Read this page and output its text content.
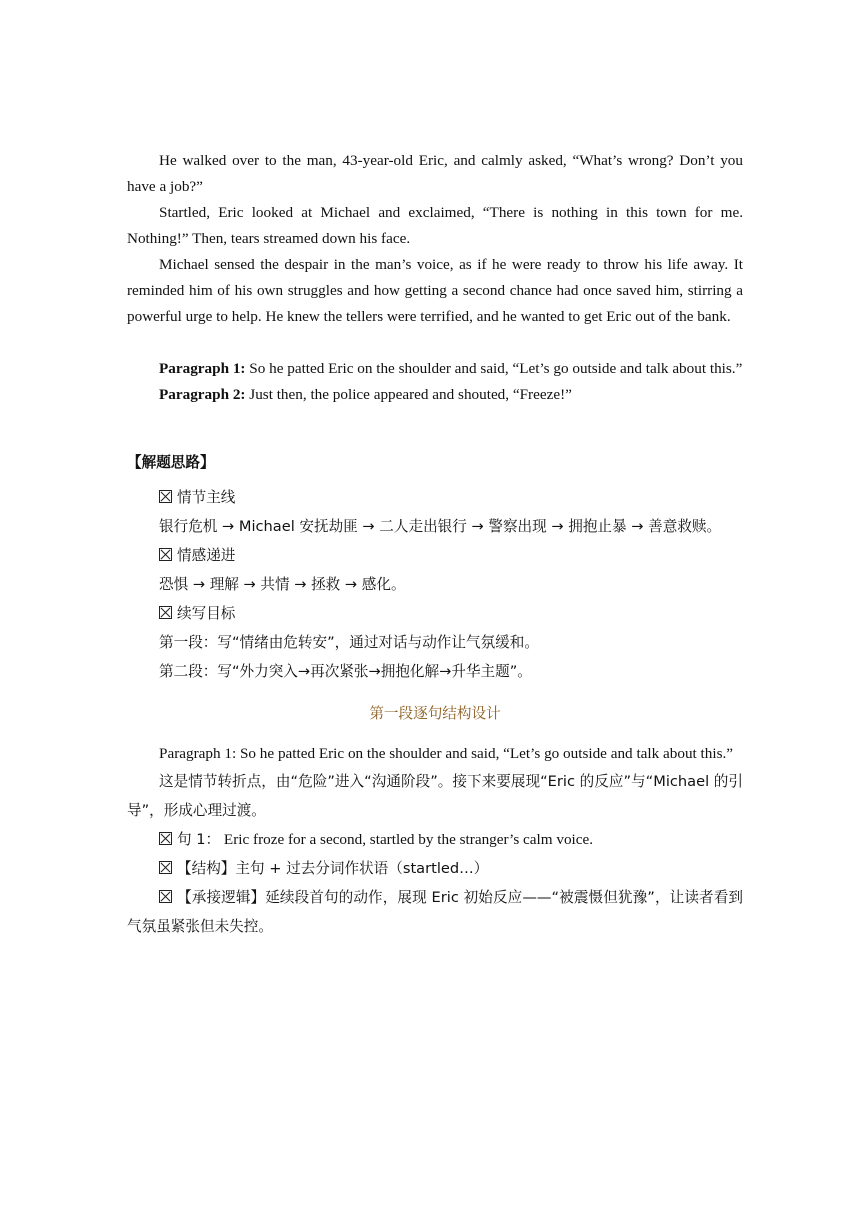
He walked over to the man, 43-year-old Eric, and calmly asked, “What’s wrong? Don’t you have a job?”

Startled, Eric looked at Michael and exclaimed, “There is nothing in this town for me. Nothing!” Then, tears streamed down his face.

Michael sensed the despair in the man’s voice, as if he were ready to throw his life away. It reminded him of his own struggles and how getting a second chance had once saved him, stirring a powerful urge to help. He knew the tellers were terrified, and he wanted to get Eric out of the bank.

Paragraph 1: So he patted Eric on the shoulder and said, “Let’s go outside and talk about this.”

Paragraph 2: Just then, the police appeared and shouted, “Freeze!”

【解题思路】

情节主线

银行危机 → Michael 安抚劫匪 → 二人走出银行 → 警察出现 → 拥抱止暴 → 善意救赎。

情感递进

恐惧 → 理解 → 共情 → 拯救 → 感化。

续写目标

第一段：写“情绪由危转安”，通过对话与动作让气氛缓和。

第二段：写“外力突入→再次紧张→拥抱化解→升华主题”。

第一段逐句结构设计

Paragraph 1: So he patted Eric on the shoulder and said, “Let’s go outside and talk about this.”

这是情节转折点，由“危险”进入“沟通阶段”。接下来要展现“Eric 的反应”与“Michael 的引导”，形成心理过渡。

句 1： Eric froze for a second, startled by the stranger’s calm voice.

【结构】主句 + 过去分词作状语（startled…）

【承接逻辑】延续段首句的动作，展现 Eric 初始反应——“被震慑但犹豫”，让读者看到气氛虽紧张但未失控。
